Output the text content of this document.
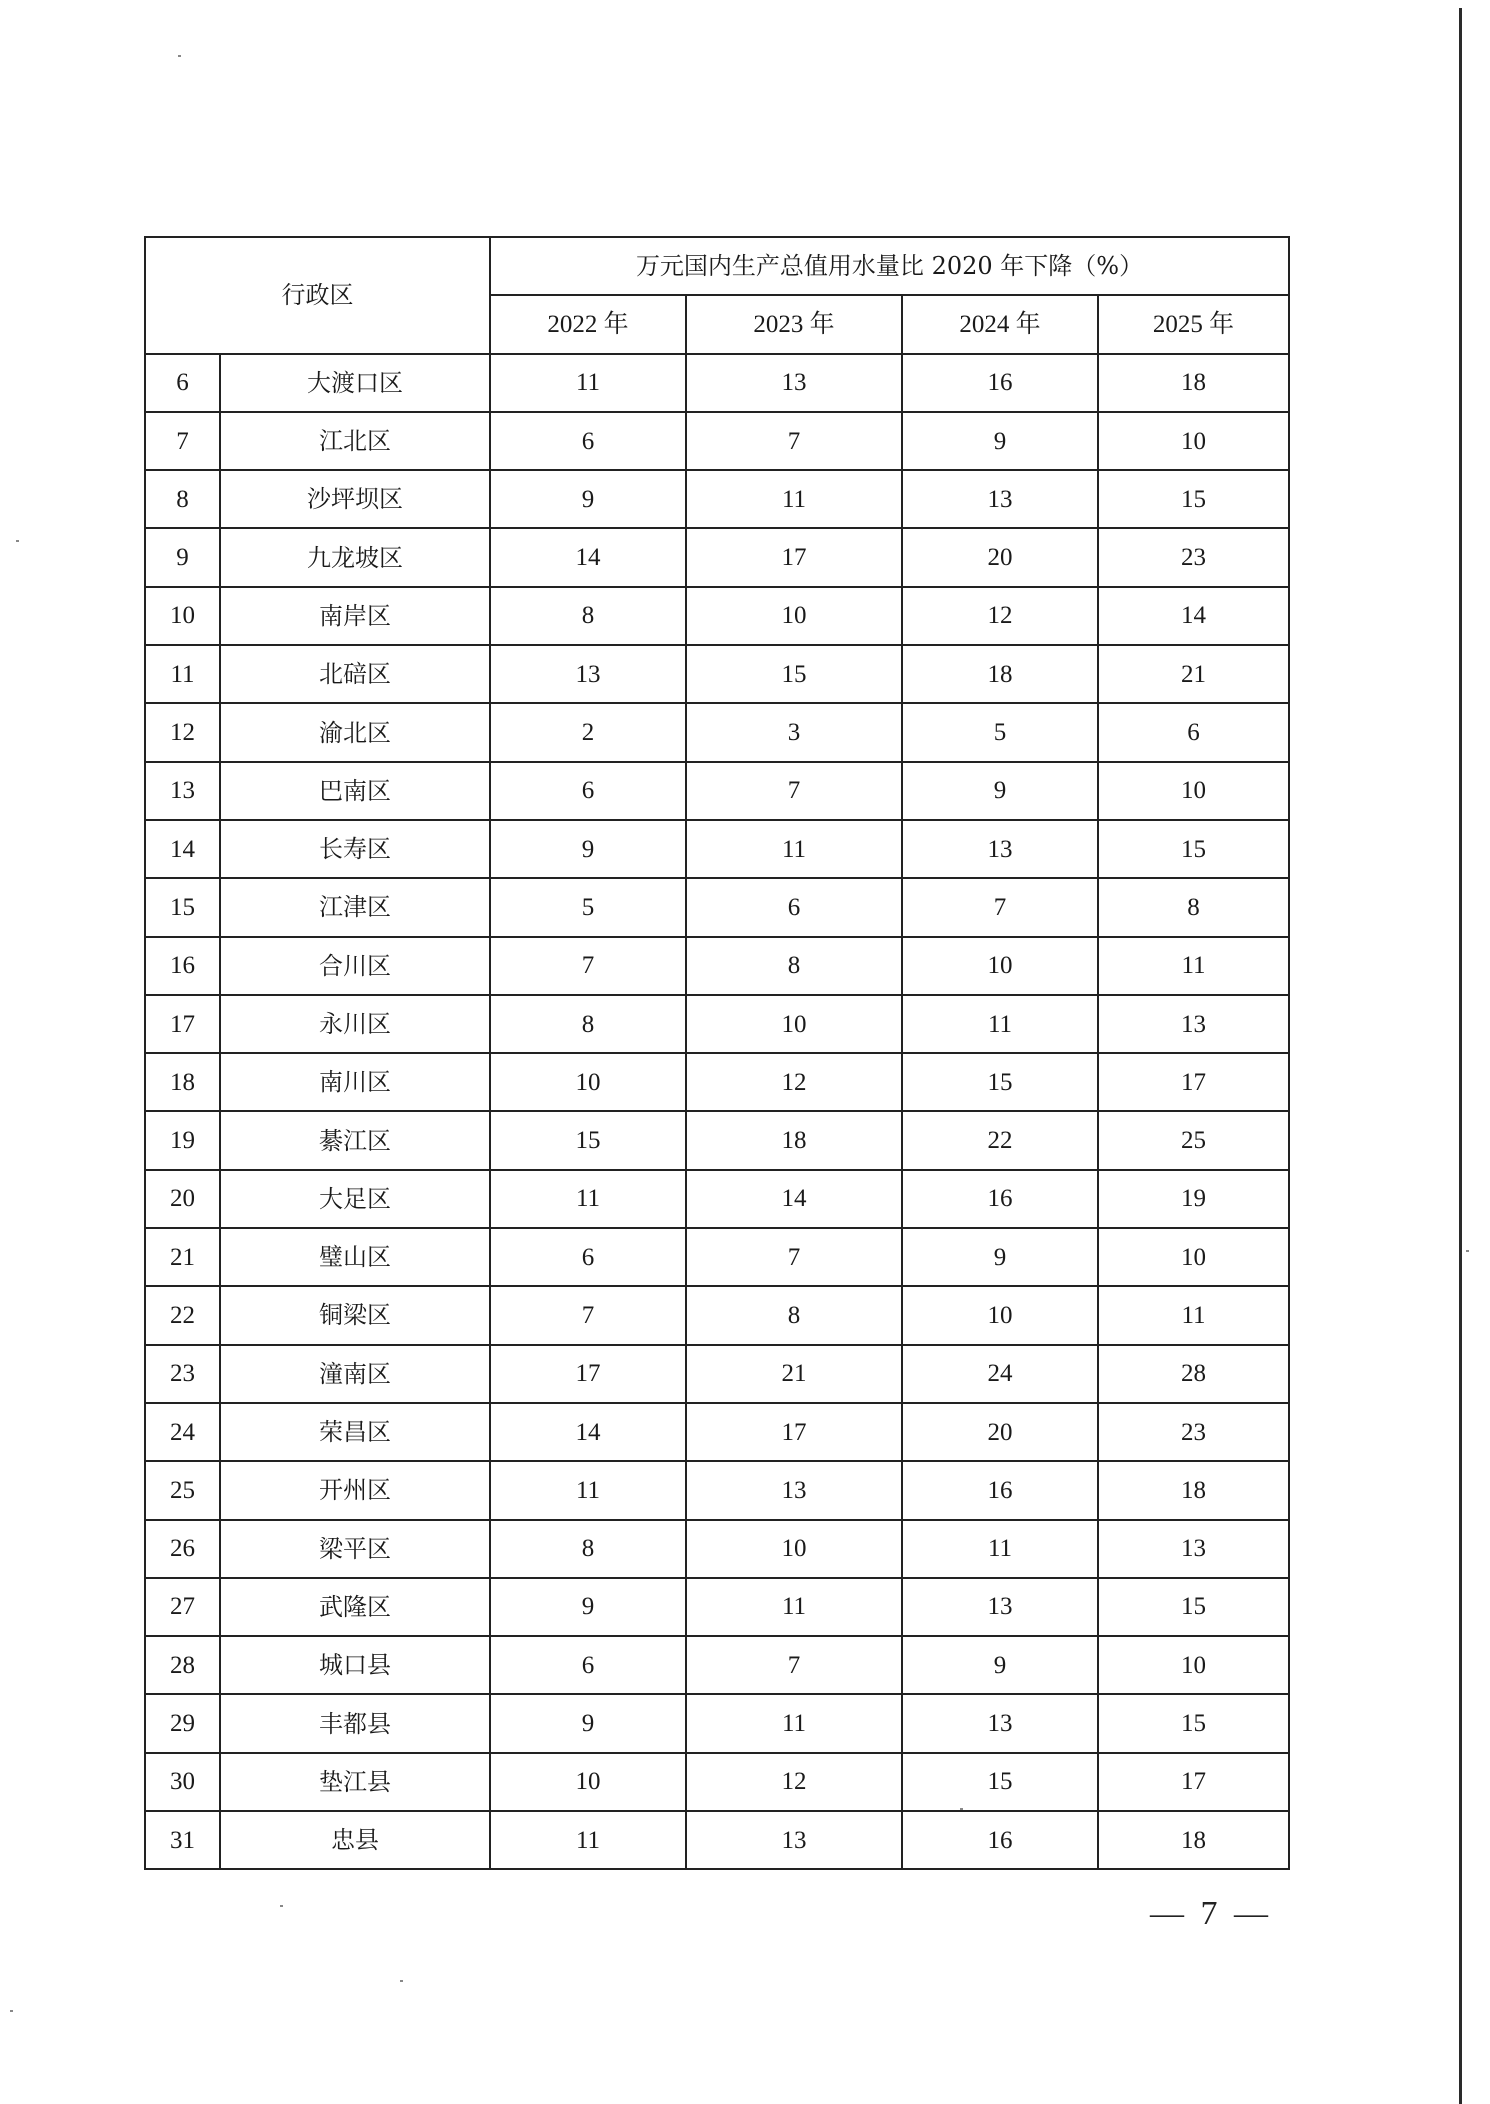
行政区		万元国内生产总值用水量比 2020 年下降（%）			
		2022 年	2023 年	2024 年	2025 年
6	大渡口区	11	13	16	18
7	江北区	6	7	9	10
8	沙坪坝区	9	11	13	15
9	九龙坡区	14	17	20	23
10	南岸区	8	10	12	14
11	北碚区	13	15	18	21
12	渝北区	2	3	5	6
13	巴南区	6	7	9	10
14	长寿区	9	11	13	15
15	江津区	5	6	7	8
16	合川区	7	8	10	11
17	永川区	8	10	11	13
18	南川区	10	12	15	17
19	綦江区	15	18	22	25
20	大足区	11	14	16	19
21	璧山区	6	7	9	10
22	铜梁区	7	8	10	11
23	潼南区	17	21	24	28
24	荣昌区	14	17	20	23
25	开州区	11	13	16	18
26	梁平区	8	10	11	13
27	武隆区	9	11	13	15
28	城口县	6	7	9	10
29	丰都县	9	11	13	15
30	垫江县	10	12	15	17
31	忠县	11	13	16	18
— 7 —
